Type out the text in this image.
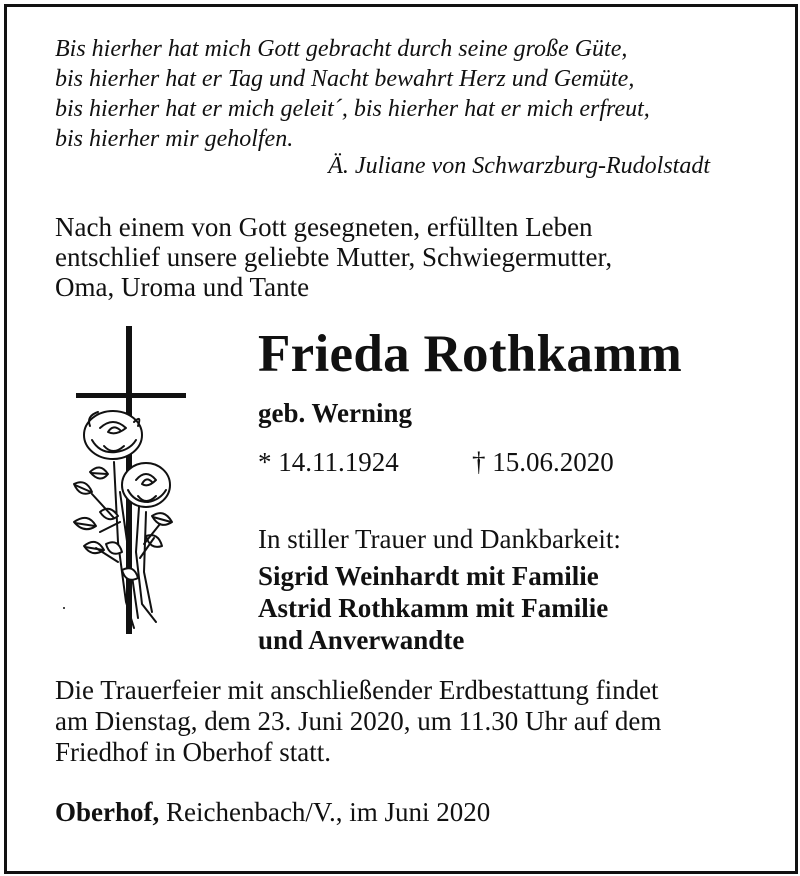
Bis hierher hat mich Gott gebracht durch seine große Güte,
bis hierher hat er Tag und Nacht bewahrt Herz und Gemüte,
bis hierher hat er mich geleit´, bis hierher hat er mich erfreut,
bis hierher mir geholfen.

Ä. Juliane von Schwarzburg-Rudolstadt

Nach einem von Gott gesegneten, erfüllten Leben
entschlief unsere geliebte Mutter, Schwiegermutter,
Oma, Uroma und Tante
Frieda Rothkamm

geb. Werning

* 14.11.1924	† 15.06.2020

In stiller Trauer und Dankbarkeit:

Sigrid Weinhardt mit Familie
Astrid Rothkamm mit Familie
und Anverwandte
Die Trauerfeier mit anschließender Erdbestattung findet
am Dienstag, dem 23. Juni 2020, um 11.30 Uhr auf dem
Friedhof in Oberhof statt.

Oberhof, Reichenbach/V., im Juni 2020
